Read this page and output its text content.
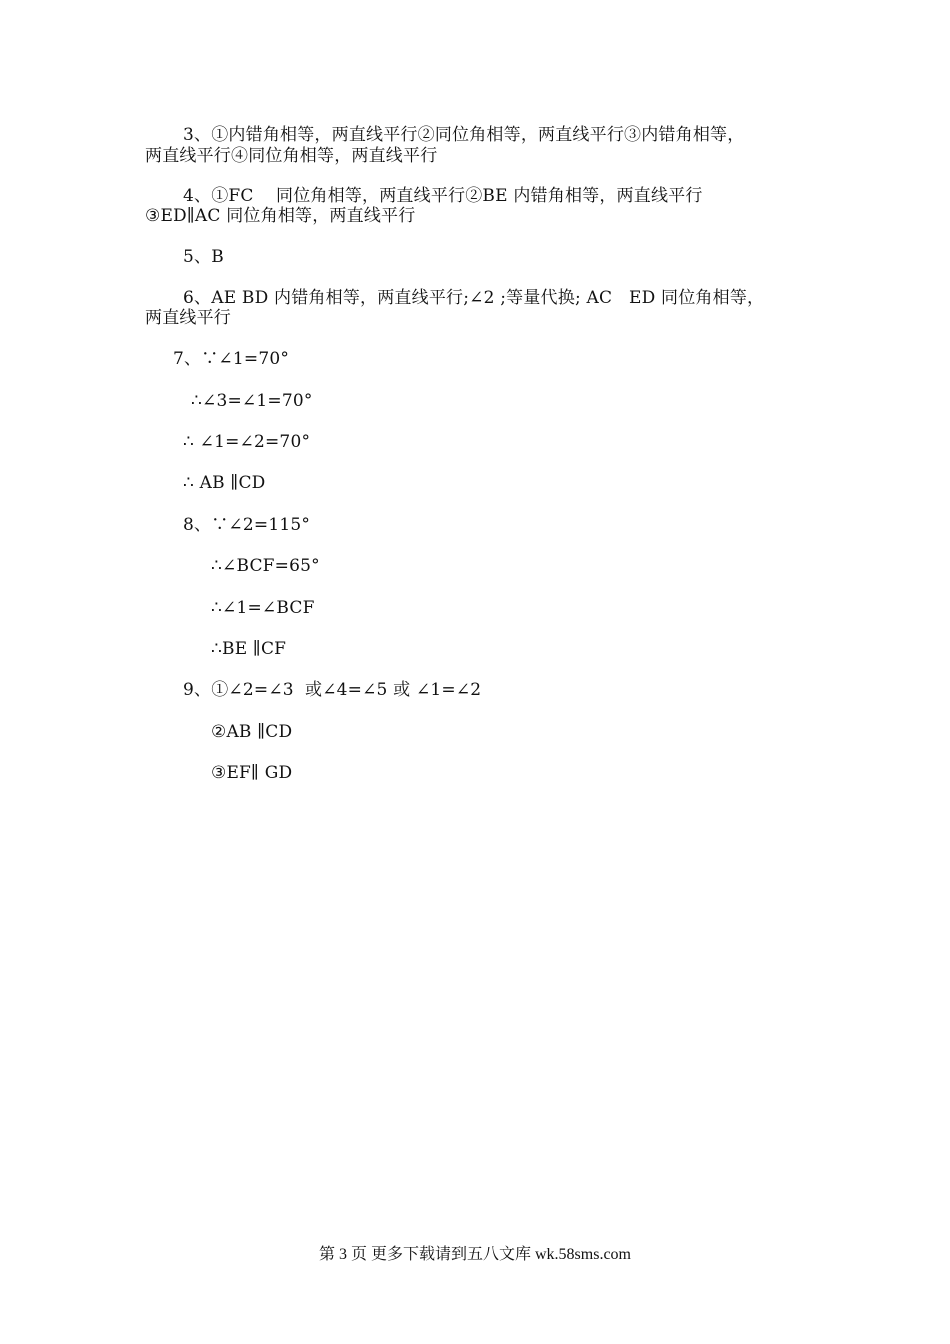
3、①内错角相等，两直线平行②同位角相等，两直线平行③内错角相等，
两直线平行④同位角相等，两直线平行
4、①FC    同位角相等，两直线平行②BE 内错角相等，两直线平行
③ED∥AC 同位角相等，两直线平行
5、B
6、AE BD 内错角相等，两直线平行;∠2 ;等量代换; AC   ED 同位角相等，
两直线平行
7、∵∠1=70°
∴∠3=∠1=70°
∴ ∠1=∠2=70°
∴ AB ∥CD
8、∵∠2=115°
∴∠BCF=65°
∴∠1=∠BCF
∴BE ∥CF
9、①∠2=∠3  或∠4=∠5 或 ∠1=∠2
②AB ∥CD
③EF∥ GD
第 3 页 更多下载请到五八文库 wk.58sms.com
